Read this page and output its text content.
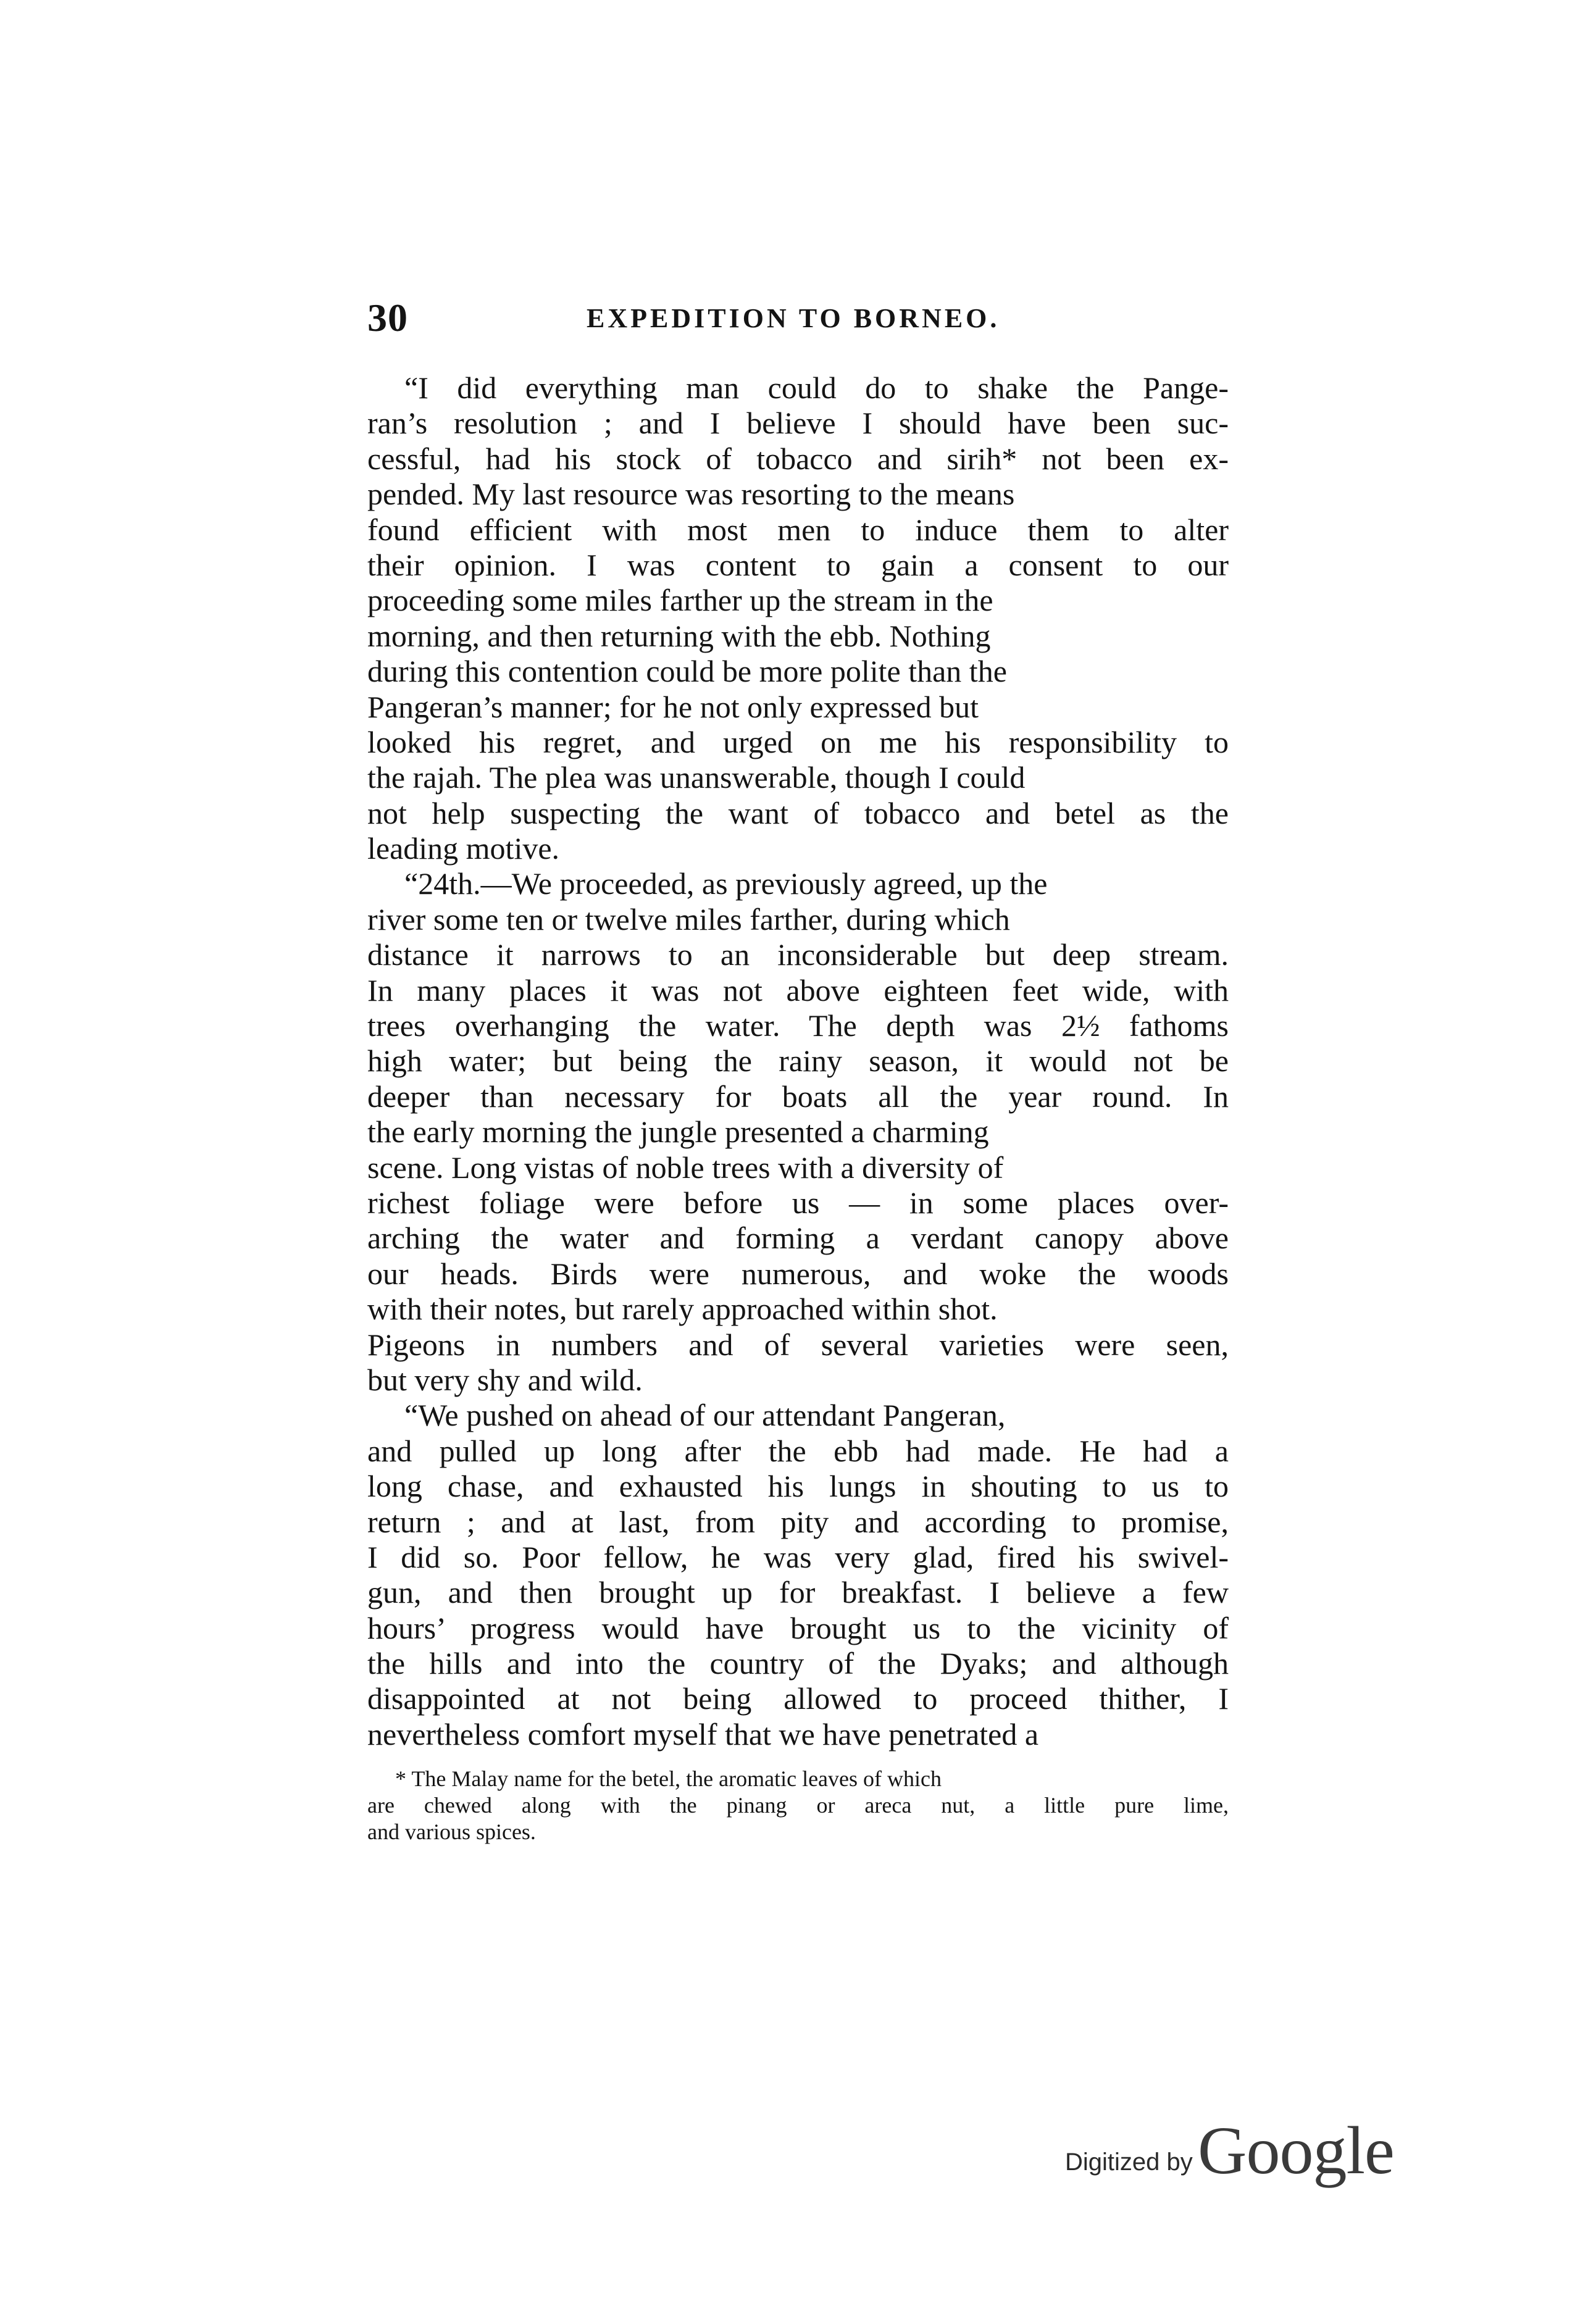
30	EXPEDITION TO BORNEO.
“I did everything man could do to shake the Pange-
ran’s resolution ; and I believe I should have been suc-
cessful, had his stock of tobacco and sirih* not been ex-
pended. My last resource was resorting to the means
found efficient with most men to induce them to alter
their opinion. I was content to gain a consent to our
proceeding some miles farther up the stream in the
morning, and then returning with the ebb. Nothing
during this contention could be more polite than the
Pangeran’s manner; for he not only expressed but
looked his regret, and urged on me his responsibility to
the rajah. The plea was unanswerable, though I could
not help suspecting the want of tobacco and betel as the
leading motive.
“24th.—We proceeded, as previously agreed, up the
river some ten or twelve miles farther, during which
distance it narrows to an inconsiderable but deep stream.
In many places it was not above eighteen feet wide, with
trees overhanging the water. The depth was 2½ fathoms
high water; but being the rainy season, it would not be
deeper than necessary for boats all the year round. In
the early morning the jungle presented a charming
scene. Long vistas of noble trees with a diversity of
richest foliage were before us — in some places over-
arching the water and forming a verdant canopy above
our heads. Birds were numerous, and woke the woods
with their notes, but rarely approached within shot.
Pigeons in numbers and of several varieties were seen,
but very shy and wild.
“We pushed on ahead of our attendant Pangeran,
and pulled up long after the ebb had made. He had a
long chase, and exhausted his lungs in shouting to us to
return ; and at last, from pity and according to promise,
I did so. Poor fellow, he was very glad, fired his swivel-
gun, and then brought up for breakfast. I believe a few
hours’ progress would have brought us to the vicinity of
the hills and into the country of the Dyaks; and although
disappointed at not being allowed to proceed thither, I
nevertheless comfort myself that we have penetrated a
* The Malay name for the betel, the aromatic leaves of which
are chewed along with the pinang or areca nut, a little pure lime,
and various spices.
Digitized by Google
